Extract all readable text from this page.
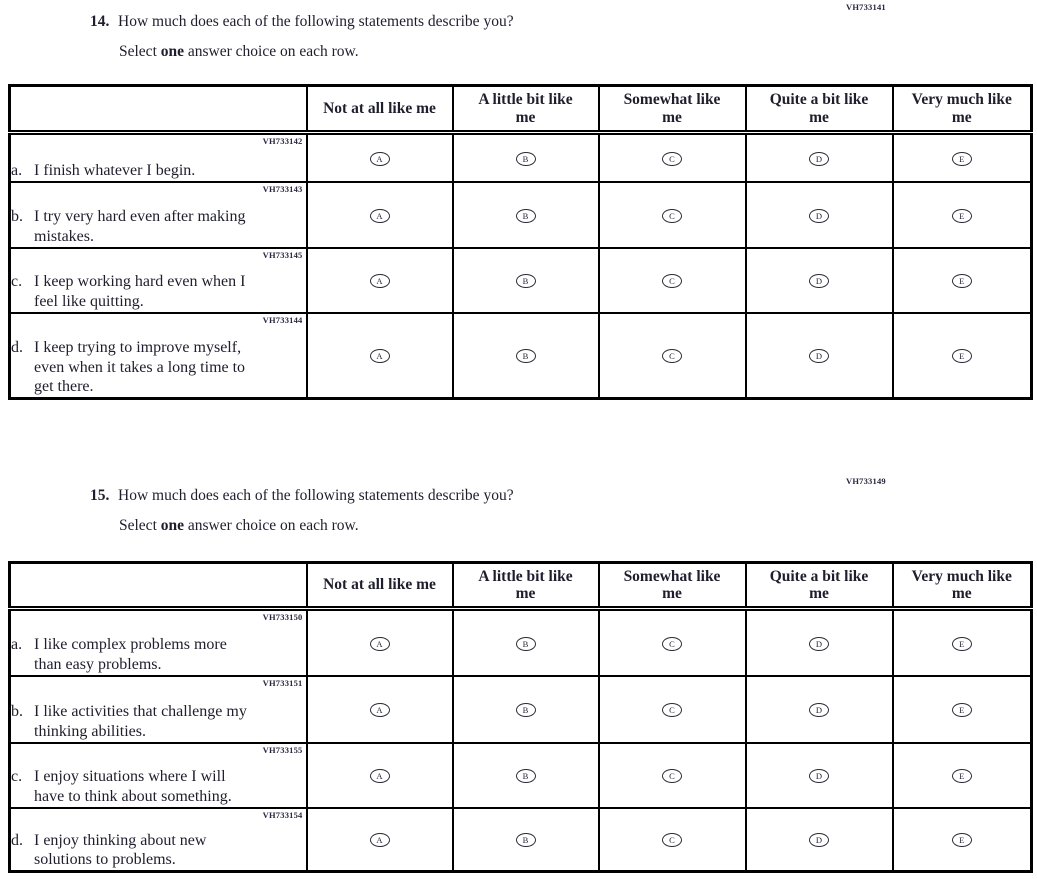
VH733141
14. How much does each of the following statements describe you?
Select one answer choice on each row.

	Not at all like me	A little bit like
me	Somewhat like
me	Quite a bit like
me	Very much like
me

VH733142
a. I finish whatever I begin.	A	B	C	D	E

VH733143
b. I try very hard even after making mistakes.	A	B	C	D	E

VH733145
c. I keep working hard even when I feel like quitting.	A	B	C	D	E

VH733144
d. I keep trying to improve myself, even when it takes a long time to get there.	A	B	C	D	E
VH733149
15. How much does each of the following statements describe you?
Select one answer choice on each row.

	Not at all like me	A little bit like
me	Somewhat like
me	Quite a bit like
me	Very much like
me

VH733150
a. I like complex problems more than easy problems.	A	B	C	D	E

VH733151
b. I like activities that challenge my thinking abilities.	A	B	C	D	E

VH733155
c. I enjoy situations where I will have to think about something.	A	B	C	D	E

VH733154
d. I enjoy thinking about new solutions to problems.	A	B	C	D	E
